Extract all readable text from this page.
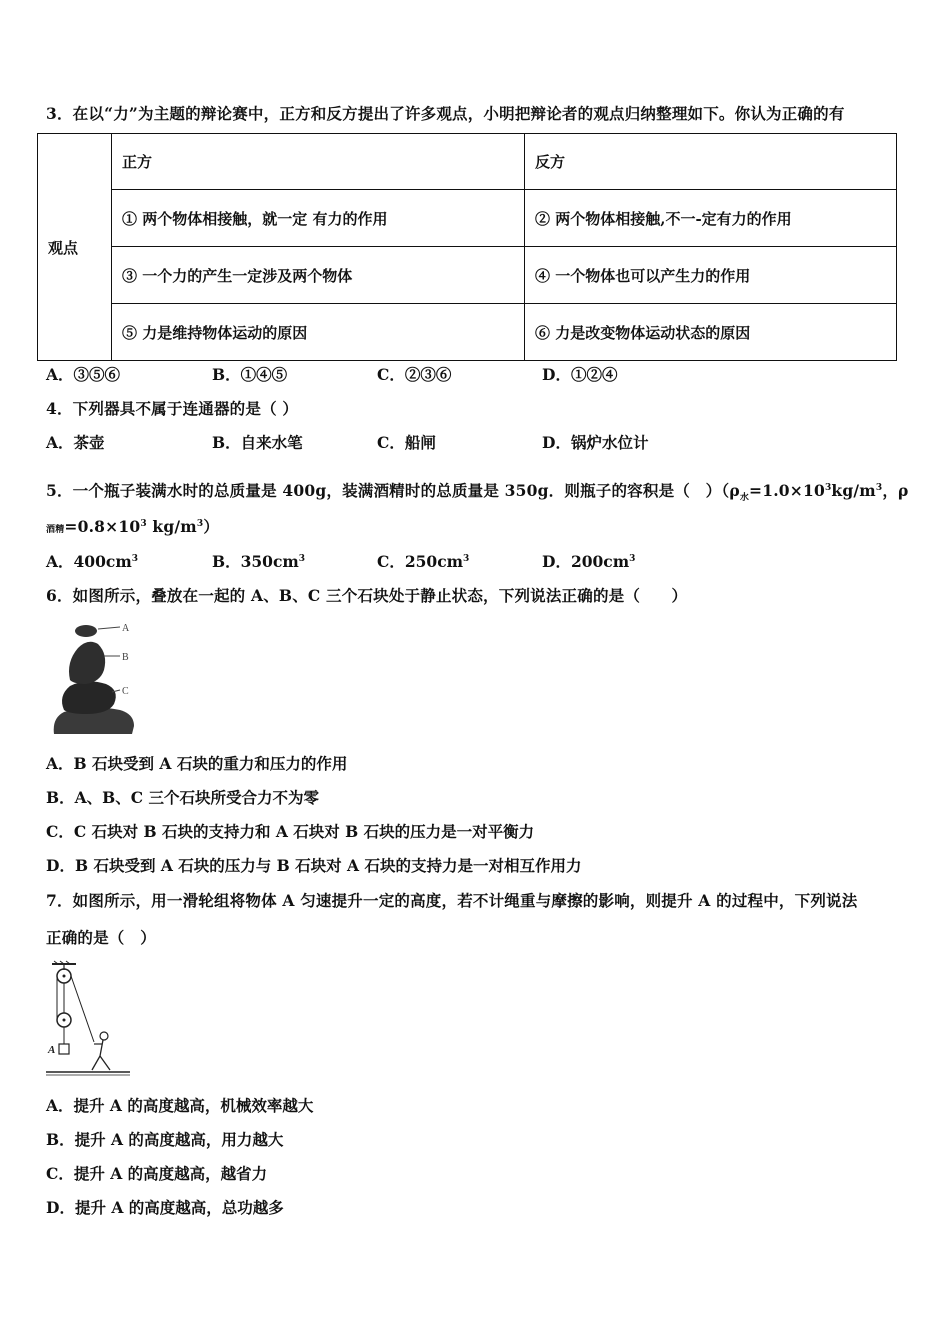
3．在以“力”为主题的辩论赛中，正方和反方提出了许多观点，小明把辩论者的观点归纳整理如下。你认为正确的有
观点	正方	反方
	① 两个物体相接触，就一定 有力的作用	② 两个物体相接触,不一-定有力的作用
	③ 一个力的产生一定涉及两个物体	④ 一个物体也可以产生力的作用
	⑤ 力是维持物体运动的原因	⑥ 力是改变物体运动状态的原因
A．③⑤⑥	B．①④⑤	C．②③⑥	D．①②④
4．下列器具不属于连通器的是（ ）
A．茶壶	B．自来水笔	C．船闸	D．锅炉水位计
5．一个瓶子装满水时的总质量是 400g，装满酒精时的总质量是 350g．则瓶子的容积是（　）（$\rho_水=1.0\times 10^3kg/m^3$，ρ
酒精$=0.8\times 10^3$ $kg/m^3$）
A．$400cm^3$	B．$350cm^3$	C．$250cm^3$	D．$200cm^3$
6．如图所示，叠放在一起的 A、B、C 三个石块处于静止状态，下列说法正确的是（　　）
A
B
C
A．B 石块受到 A 石块的重力和压力的作用
B．A、B、C 三个石块所受合力不为零
C．C 石块对 B 石块的支持力和 A 石块对 B 石块的压力是一对平衡力
D．B 石块受到 A 石块的压力与 B 石块对 A 石块的支持力是一对相互作用力
7．如图所示，用一滑轮组将物体 A 匀速提升一定的高度，若不计绳重与摩擦的影响，则提升 A 的过程中，下列说法
正确的是（　）
A
A．提升 A 的高度越高，机械效率越大
B．提升 A 的高度越高，用力越大
C．提升 A 的高度越高，越省力
D．提升 A 的高度越高，总功越多
